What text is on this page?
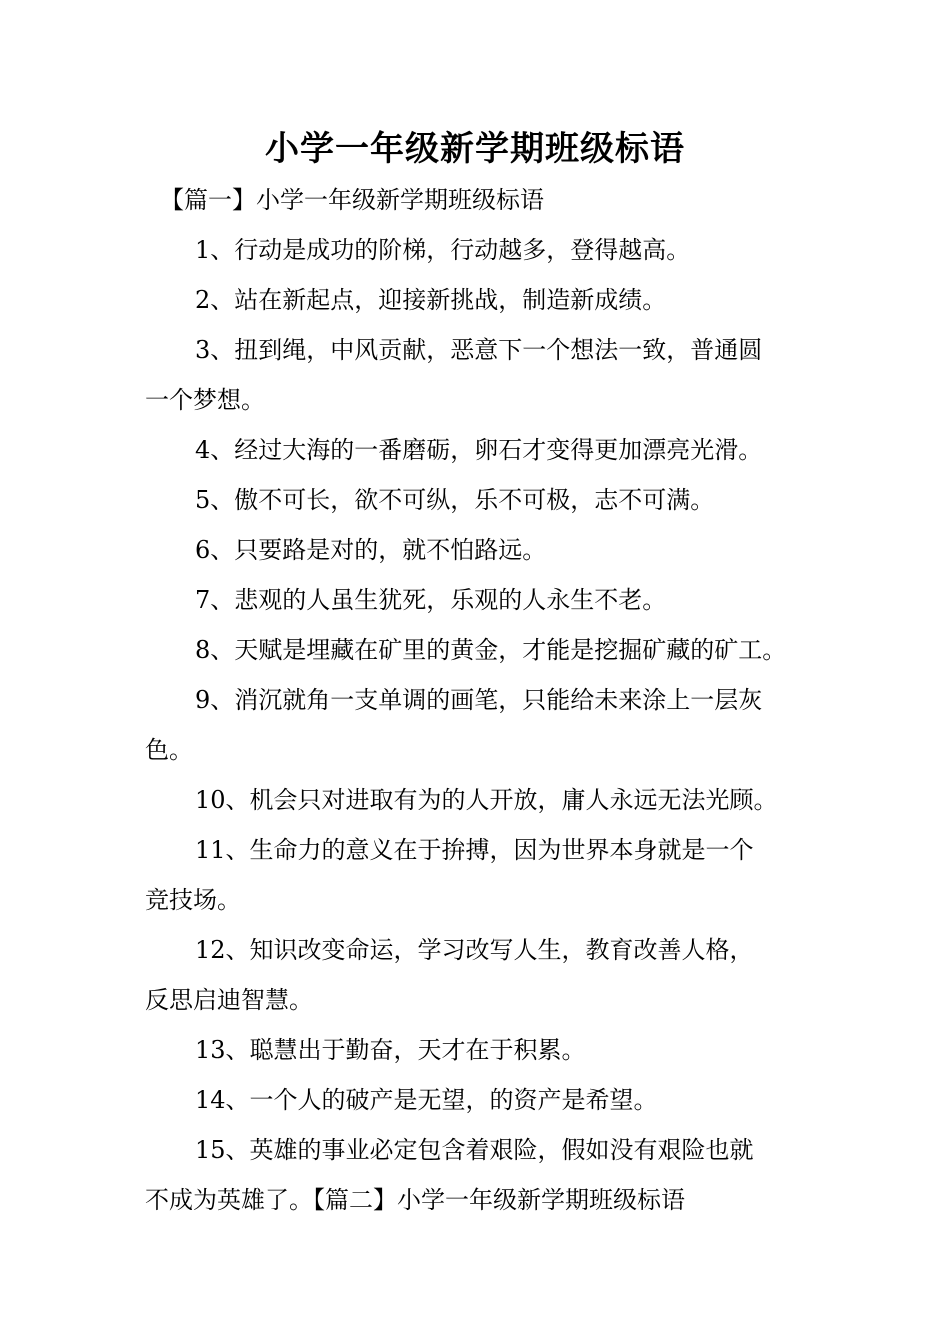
小学一年级新学期班级标语
【篇一】小学一年级新学期班级标语
1、行动是成功的阶梯，行动越多，登得越高。
2、站在新起点，迎接新挑战，制造新成绩。
3、扭到绳，中风贡献，恶意下一个想法一致，普通圆
一个梦想。
4、经过大海的一番磨砺，卵石才变得更加漂亮光滑。
5、傲不可长，欲不可纵，乐不可极，志不可满。
6、只要路是对的，就不怕路远。
7、悲观的人虽生犹死，乐观的人永生不老。
8、天赋是埋藏在矿里的黄金，才能是挖掘矿藏的矿工。
9、消沉就角一支单调的画笔，只能给未来涂上一层灰
色。
10、机会只对进取有为的人开放，庸人永远无法光顾。
11、生命力的意义在于拚搏，因为世界本身就是一个
竞技场。
12、知识改变命运，学习改写人生，教育改善人格，
反思启迪智慧。
13、聪慧出于勤奋，天才在于积累。
14、一个人的破产是无望，的资产是希望。
15、英雄的事业必定包含着艰险，假如没有艰险也就
不成为英雄了。【篇二】小学一年级新学期班级标语
